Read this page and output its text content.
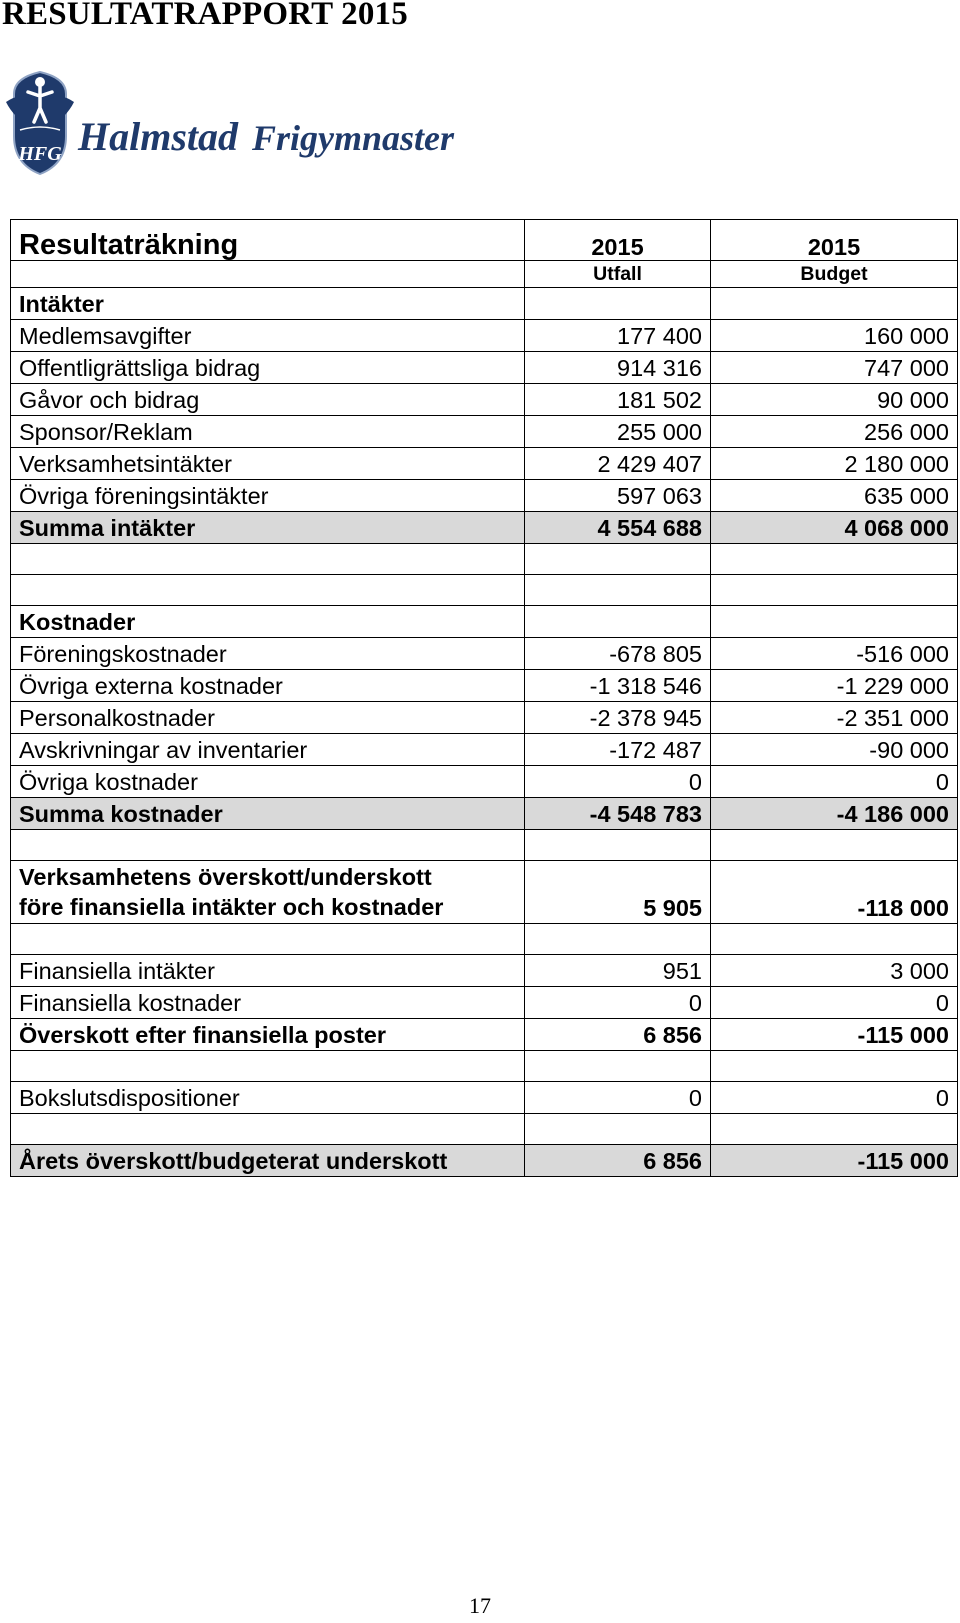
RESULTATRAPPORT 2015
HFG Halmstad Frigymnaster
Resultaträkning	2015	2015
	Utfall	Budget
Intäkter		
Medlemsavgifter	177 400	160 000
Offentligrättsliga bidrag	914 316	747 000
Gåvor och bidrag	181 502	90 000
Sponsor/Reklam	255 000	256 000
Verksamhetsintäkter	2 429 407	2 180 000
Övriga föreningsintäkter	597 063	635 000
Summa intäkter	4 554 688	4 068 000

Kostnader		
Föreningskostnader	-678 805	-516 000
Övriga externa kostnader	-1 318 546	-1 229 000
Personalkostnader	-2 378 945	-2 351 000
Avskrivningar av inventarier	-172 487	-90 000
Övriga kostnader	0	0
Summa kostnader	-4 548 783	-4 186 000

Verksamhetens överskott/underskott
före finansiella intäkter och kostnader	5 905	-118 000

Finansiella intäkter	951	3 000
Finansiella kostnader	0	0
Överskott efter finansiella poster	6 856	-115 000

Bokslutsdispositioner	0	0

Årets överskott/budgeterat underskott	6 856	-115 000
17
